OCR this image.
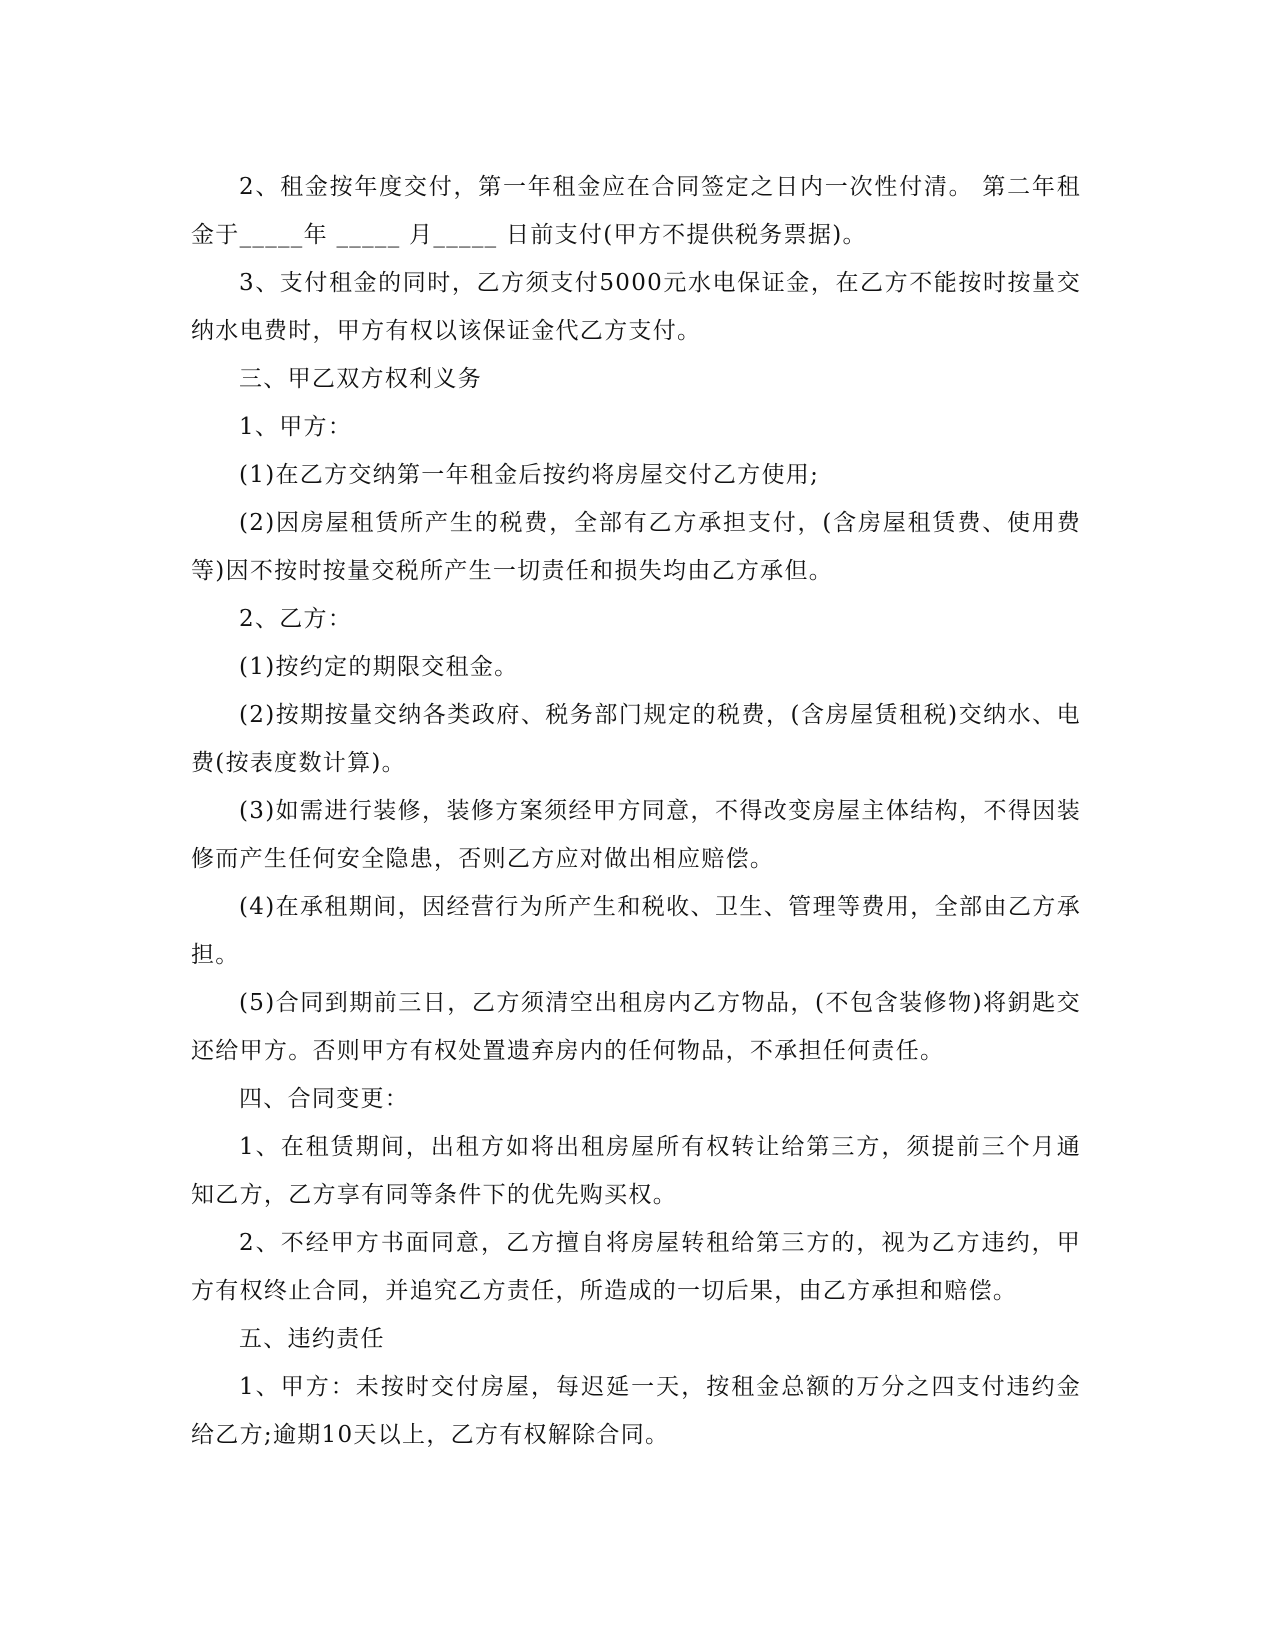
2、租金按年度交付，第一年租金应在合同签定之日内一次性付清。 第二年租金于_____年 _____ 月_____ 日前支付(甲方不提供税务票据)。

3、支付租金的同时，乙方须支付5000元水电保证金，在乙方不能按时按量交纳水电费时，甲方有权以该保证金代乙方支付。

三、甲乙双方权利义务

1、甲方：

(1)在乙方交纳第一年租金后按约将房屋交付乙方使用;

(2)因房屋租赁所产生的税费，全部有乙方承担支付，(含房屋租赁费、使用费等)因不按时按量交税所产生一切责任和损失均由乙方承但。

2、乙方：

(1)按约定的期限交租金。

(2)按期按量交纳各类政府、税务部门规定的税费，(含房屋赁租税)交纳水、电费(按表度数计算)。

(3)如需进行装修，装修方案须经甲方同意，不得改变房屋主体结构，不得因装修而产生任何安全隐患，否则乙方应对做出相应赔偿。

(4)在承租期间，因经营行为所产生和税收、卫生、管理等费用，全部由乙方承担。

(5)合同到期前三日，乙方须清空出租房内乙方物品，(不包含装修物)将鈅匙交还给甲方。否则甲方有权处置遗弃房内的任何物品，不承担任何责任。

四、合同变更：

1、在租赁期间，出租方如将出租房屋所有权转让给第三方，须提前三个月通知乙方，乙方享有同等条件下的优先购买权。

2、不经甲方书面同意，乙方擅自将房屋转租给第三方的，视为乙方违约，甲方有权终止合同，并追究乙方责任，所造成的一切后果，由乙方承担和赔偿。

五、违约责任

1、甲方：未按时交付房屋，每迟延一天，按租金总额的万分之四支付违约金给乙方;逾期10天以上，乙方有权解除合同。
